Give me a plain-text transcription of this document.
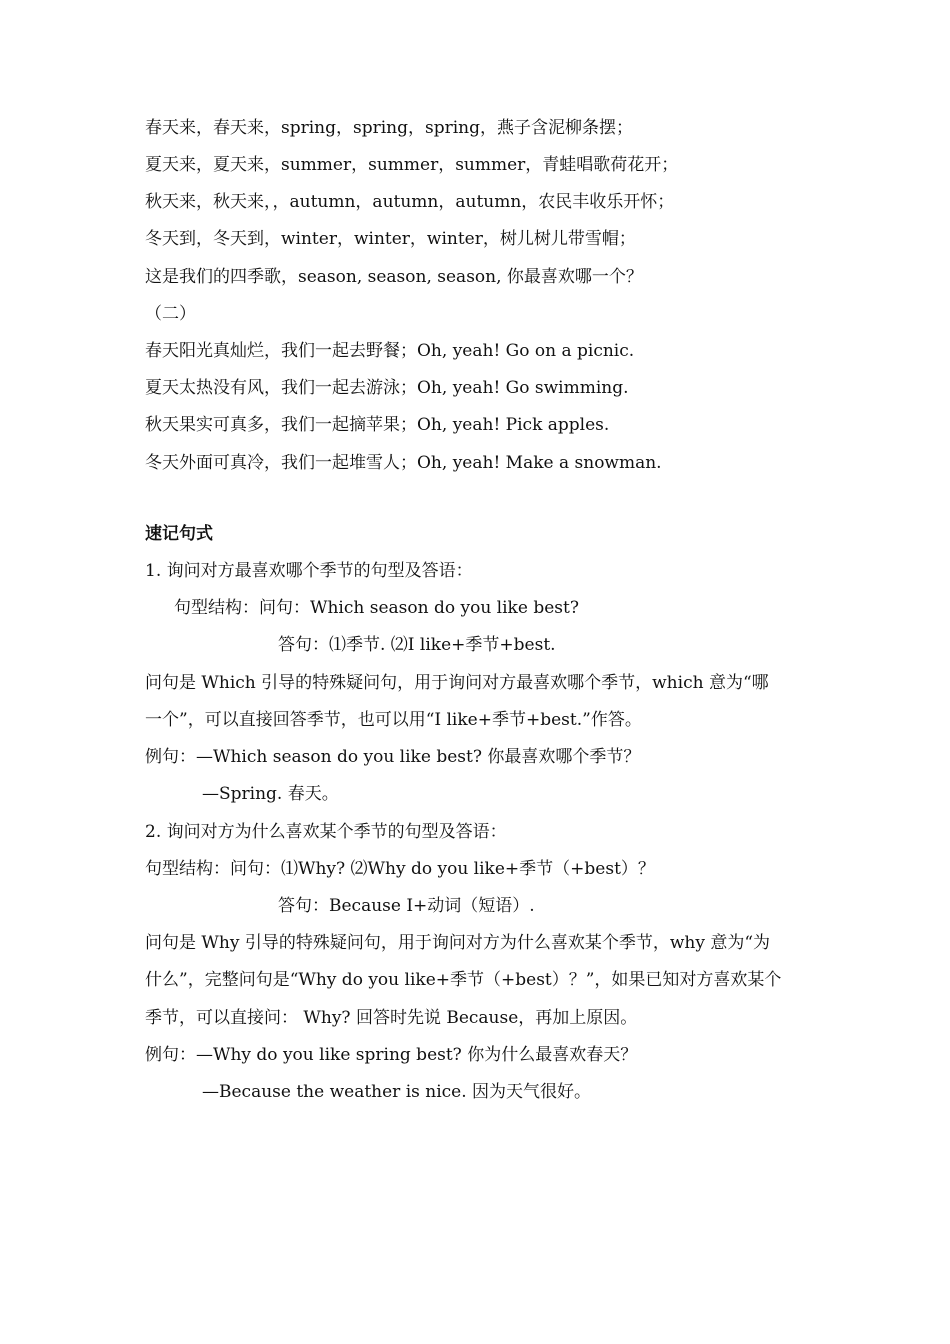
春天来，春天来，spring，spring，spring，燕子含泥柳条摆；
夏天来，夏天来，summer，summer，summer，青蛙唱歌荷花开；
秋天来，秋天来，，autumn，autumn，autumn，农民丰收乐开怀；
冬天到，冬天到，winter，winter，winter，树儿树儿带雪帽；
这是我们的四季歌，season, season, season, 你最喜欢哪一个？
（二）
春天阳光真灿烂，我们一起去野餐；Oh, yeah! Go on a picnic.
夏天太热没有风，我们一起去游泳；Oh, yeah! Go swimming.
秋天果实可真多，我们一起摘苹果；Oh, yeah! Pick apples.
冬天外面可真冷，我们一起堆雪人；Oh, yeah! Make a snowman.
速记句式
1. 询问对方最喜欢哪个季节的句型及答语：
句型结构：问句：Which season do you like best?
答句：⑴季节. ⑵I like+季节+best.
问句是 Which 引导的特殊疑问句，用于询问对方最喜欢哪个季节，which 意为“哪
一个”，可以直接回答季节，也可以用“I like+季节+best.”作答。
例句：—Which season do you like best? 你最喜欢哪个季节？
—Spring. 春天。
2. 询问对方为什么喜欢某个季节的句型及答语：
句型结构：问句：⑴Why? ⑵Why do you like+季节（+best）？
答句：Because I+动词（短语）.
问句是 Why 引导的特殊疑问句，用于询问对方为什么喜欢某个季节，why 意为“为
什么”，完整问句是“Why do you like+季节（+best）？”，如果已知对方喜欢某个
季节，可以直接问： Why? 回答时先说 Because，再加上原因。
例句：—Why do you like spring best? 你为什么最喜欢春天？
—Because the weather is nice. 因为天气很好。
